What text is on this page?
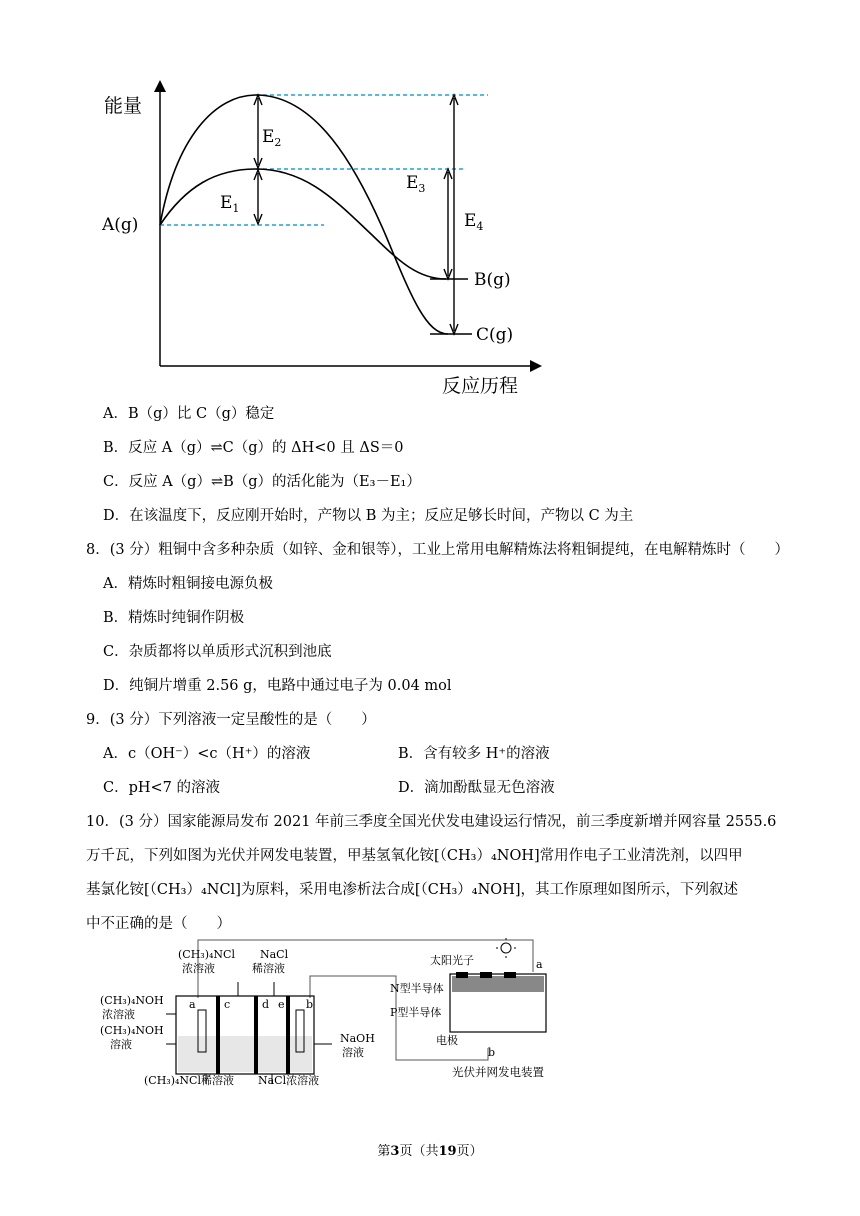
能量
反应历程
$E_1$
$E_2$
$E_3$
$E_4$
A(g)
B(g)
C(g)
A．B（g）比 C（g）稳定
B．反应 A（g）⇌C（g）的 ΔH<0 且 ΔS＝0
C．反应 A（g）⇌B（g）的活化能为（E₃－E₁）
D．在该温度下，反应刚开始时，产物以 B 为主；反应足够长时间，产物以 C 为主
8．(3 分）粗铜中含多种杂质（如锌、金和银等），工业上常用电解精炼法将粗铜提纯，在电解精炼时（　　）
A．精炼时粗铜接电源负极
B．精炼时纯铜作阴极
C．杂质都将以单质形式沉积到池底
D．纯铜片增重 2.56 g，电路中通过电子为 0.04 mol
9．(3 分）下列溶液一定呈酸性的是（　　）
A．c（OH⁻）<c（H⁺）的溶液	B．含有较多 H⁺的溶液
C．pH<7 的溶液	D．滴加酚酞显无色溶液
10．(3 分）国家能源局发布 2021 年前三季度全国光伏发电建设运行情况，前三季度新增并网容量 2555.6
万千瓦，下列如图为光伏并网发电装置，甲基氢氧化铵[（CH₃）₄NOH]常用作电子工业清洗剂，以四甲
基氯化铵[（CH₃）₄NCl]为原料，采用电渗析法合成[（CH₃）₄NOH]，其工作原理如图所示，下列叙述
中不正确的是（　　）
a	c	d e b
(CH₃)₄NCl
浓溶液
NaCl
稀溶液
(CH₃)₄NOH
浓溶液
(CH₃)₄NOH
溶液	NaOH
溶液
(CH₃)₄NCl稀溶液 NaCl浓溶液
太阳光子	a
N型半导体
P型半导体
电极
b
光伏并网发电装置
第3页（共19页）
